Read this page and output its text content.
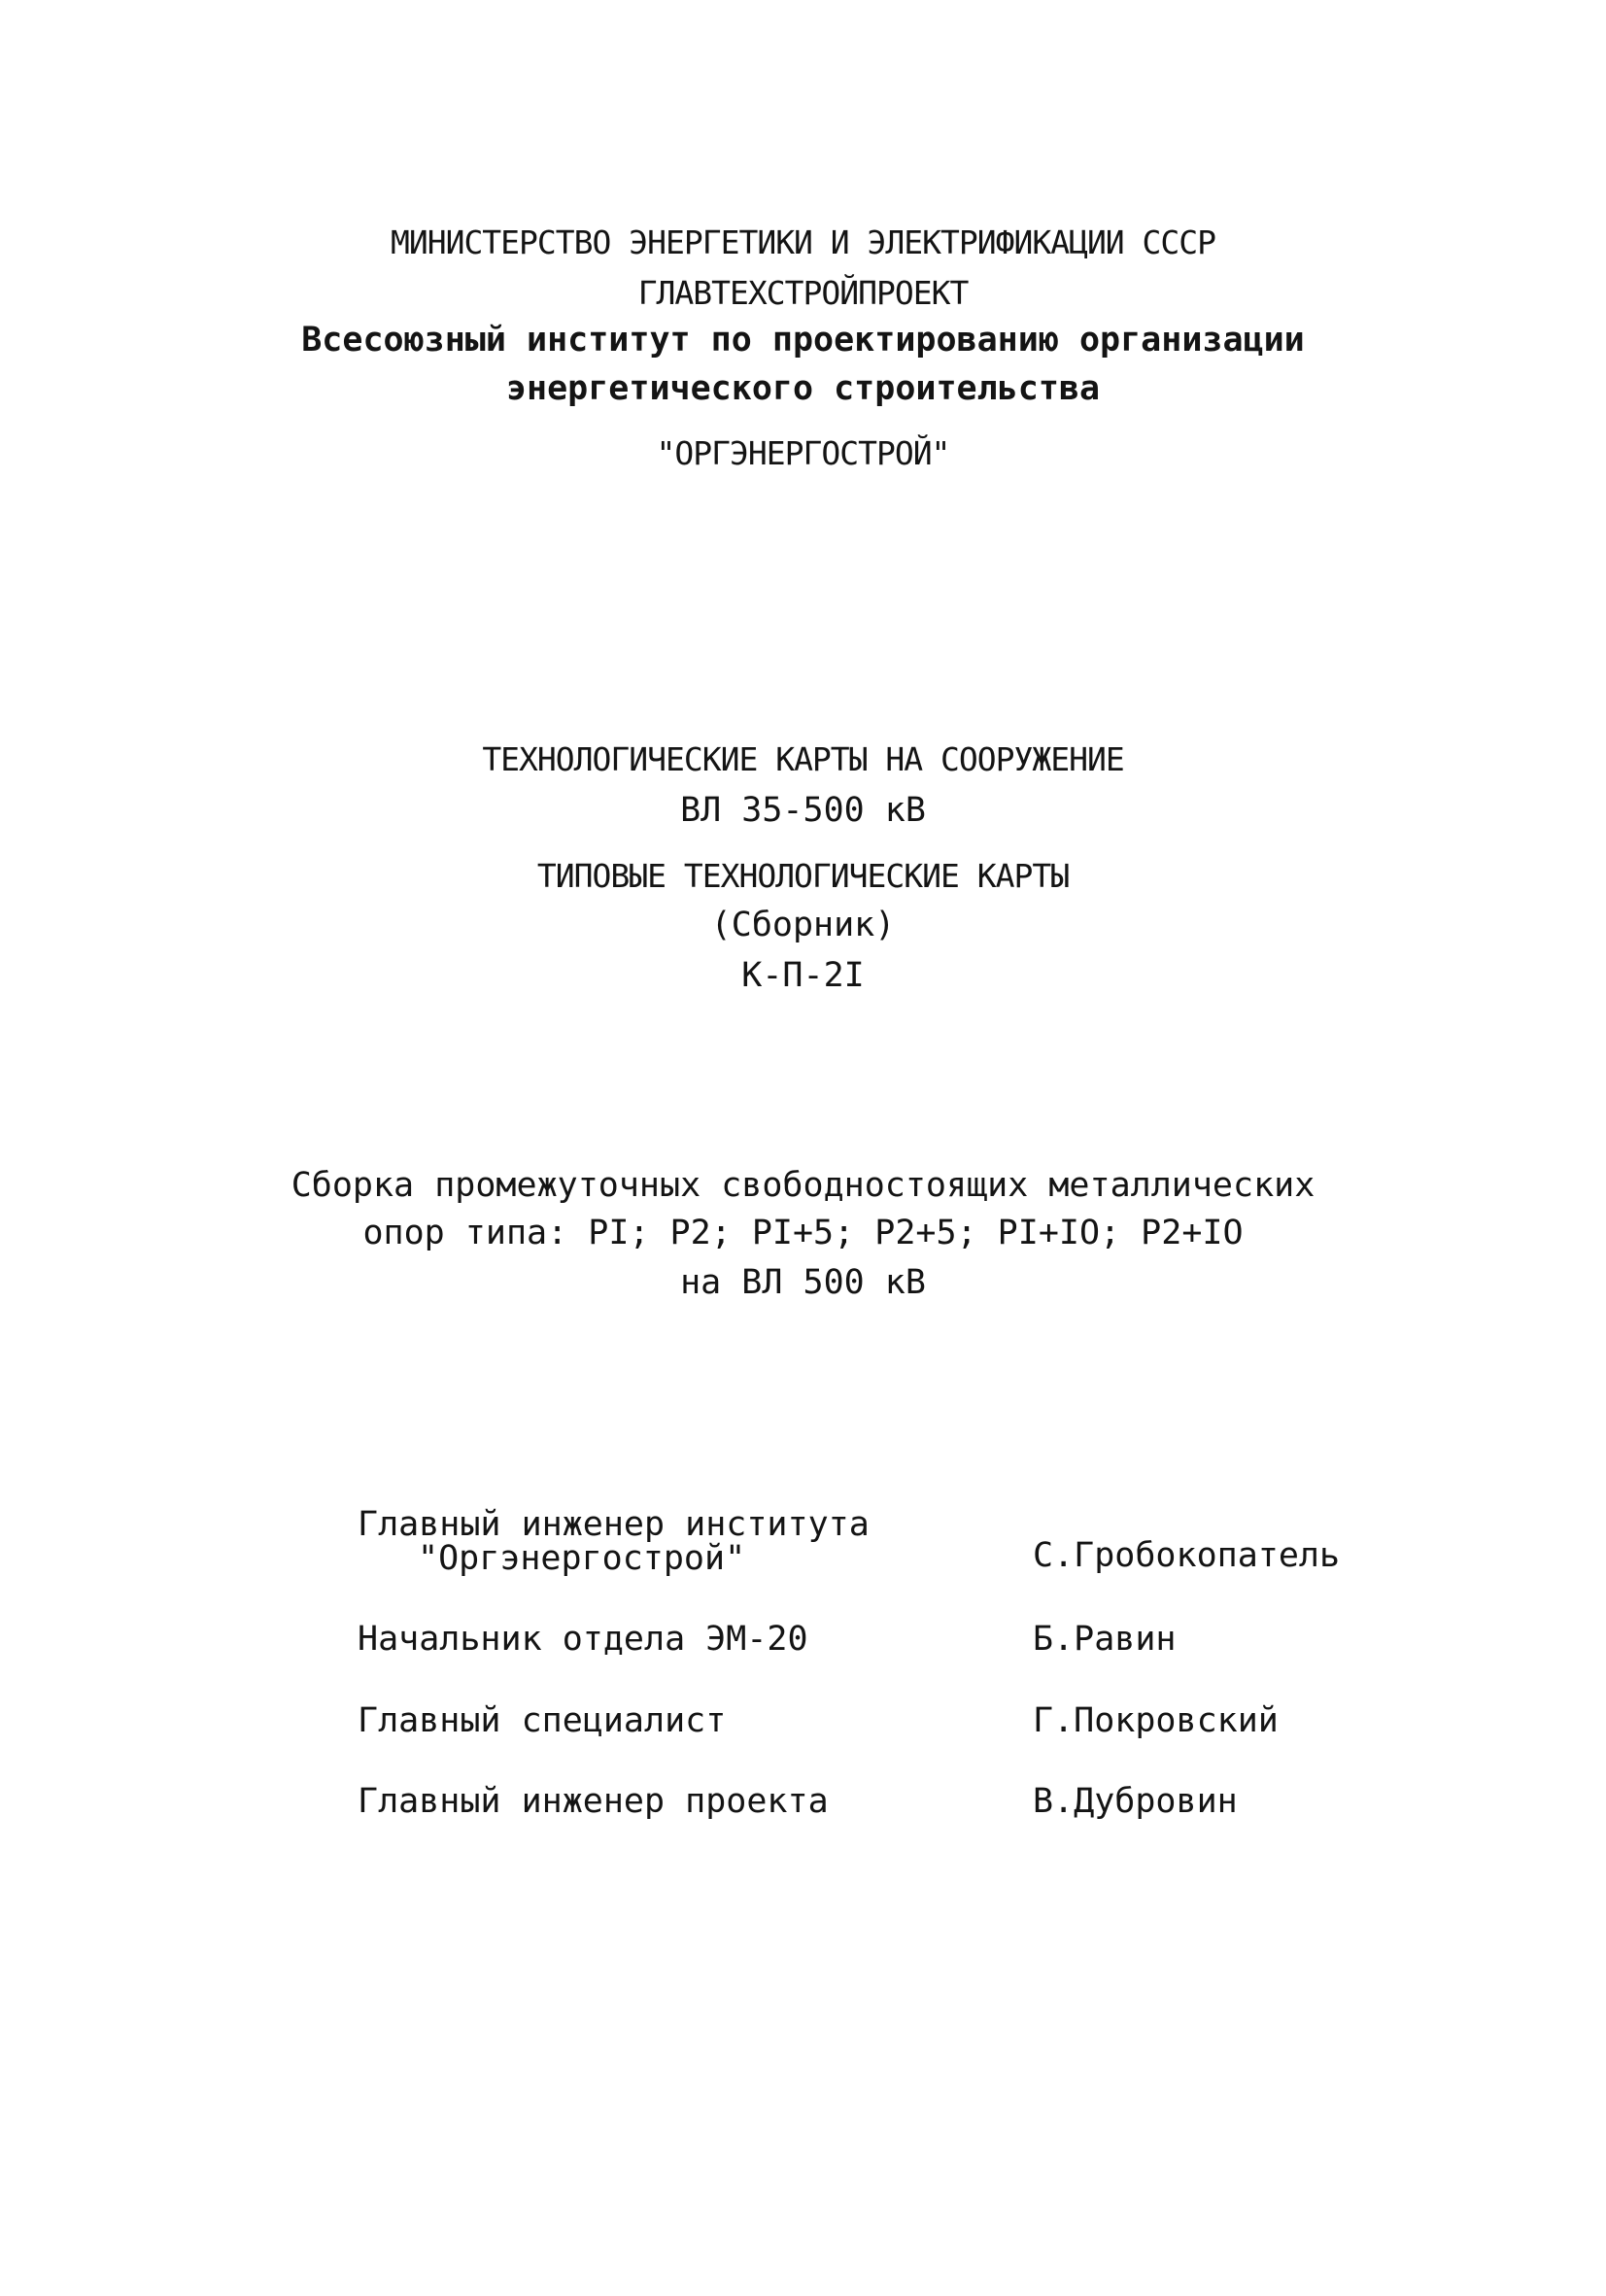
МИНИСТЕРСТВО ЭНЕРГЕТИКИ И ЭЛЕКТРИФИКАЦИИ СССР
ГЛАВТЕХСТРОЙПРОЕКТ
Всесоюзный институт по проектированию организации
энергетического строительства
"ОРГЭНЕРГОСТРОЙ"
ТЕХНОЛОГИЧЕСКИЕ КАРТЫ НА СООРУЖЕНИЕ
ВЛ 35-500 кВ
ТИПОВЫЕ ТЕХНОЛОГИЧЕСКИЕ КАРТЫ
(Сборник)
К-П-2I
Сборка промежуточных свободностоящих металлических
опор типа: РI; Р2; РI+5; Р2+5; РI+IО; Р2+IО
на ВЛ 500 кВ
Главный инженер института
"Оргэнергострой"	С.Гробокопатель
Начальник отдела ЭМ-20	Б.Равин
Главный специалист	Г.Покровский
Главный инженер проекта	В.Дубровин
